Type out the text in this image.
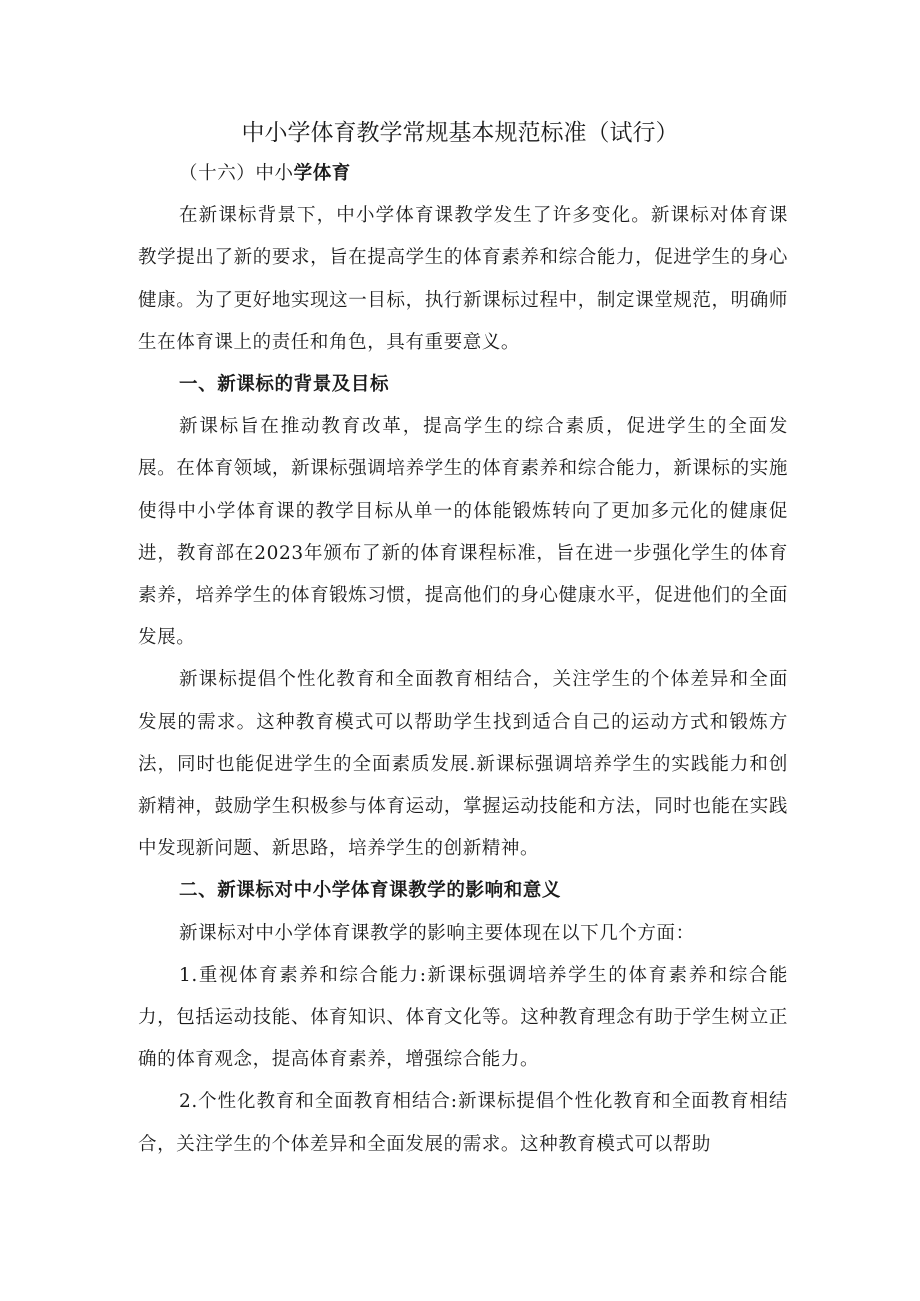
中小学体育教学常规基本规范标准（试行）

（十六）中小学体育

在新课标背景下，中小学体育课教学发生了许多变化。新课标对体育课教学提出了新的要求，旨在提高学生的体育素养和综合能力，促进学生的身心健康。为了更好地实现这一目标，执行新课标过程中，制定课堂规范，明确师生在体育课上的责任和角色，具有重要意义。

一、新课标的背景及目标

新课标旨在推动教育改革，提高学生的综合素质，促进学生的全面发展。在体育领域，新课标强调培养学生的体育素养和综合能力，新课标的实施使得中小学体育课的教学目标从单一的体能锻炼转向了更加多元化的健康促进，教育部在2023年颁布了新的体育课程标准，旨在进一步强化学生的体育素养，培养学生的体育锻炼习惯，提高他们的身心健康水平，促进他们的全面发展。

新课标提倡个性化教育和全面教育相结合，关注学生的个体差异和全面发展的需求。这种教育模式可以帮助学生找到适合自己的运动方式和锻炼方法，同时也能促进学生的全面素质发展.新课标强调培养学生的实践能力和创新精神，鼓励学生积极参与体育运动，掌握运动技能和方法，同时也能在实践中发现新问题、新思路，培养学生的创新精神。

二、新课标对中小学体育课教学的影响和意义

新课标对中小学体育课教学的影响主要体现在以下几个方面：

1.重视体育素养和综合能力:新课标强调培养学生的体育素养和综合能力，包括运动技能、体育知识、体育文化等。这种教育理念有助于学生树立正确的体育观念，提高体育素养，增强综合能力。

2.个性化教育和全面教育相结合:新课标提倡个性化教育和全面教育相结合，关注学生的个体差异和全面发展的需求。这种教育模式可以帮助
